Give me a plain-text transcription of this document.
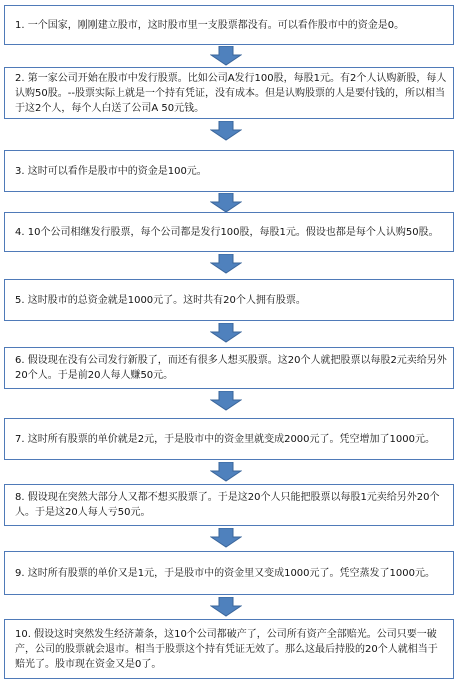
1. 一个国家，刚刚建立股市，这时股市里一支股票都没有。可以看作股市中的资金是0。
2. 第一家公司开始在股市中发行股票。比如公司A发行100股，每股1元。有2个人认购新股，每人认购50股。--股票实际上就是一个持有凭证，没有成本。但是认购股票的人是要付钱的，所以相当于这2个人，每个人白送了公司A 50元钱。
3. 这时可以看作是股市中的资金是100元。
4. 10个公司相继发行股票，每个公司都是发行100股，每股1元。假设也都是每个人认购50股。
5. 这时股市的总资金就是1000元了。这时共有20个人拥有股票。
6. 假设现在没有公司发行新股了，而还有很多人想买股票。这20个人就把股票以每股2元卖给另外20个人。于是前20人每人赚50元。
7. 这时所有股票的单价就是2元，于是股市中的资金里就变成2000元了。凭空增加了1000元。
8. 假设现在突然大部分人又都不想买股票了。于是这20个人只能把股票以每股1元卖给另外20个人。于是这20人每人亏50元。
9. 这时所有股票的单价又是1元，于是股市中的资金里又变成1000元了。凭空蒸发了1000元。
10. 假设这时突然发生经济萧条，这10个公司都破产了，公司所有资产全部赔光。公司只要一破产，公司的股票就会退市。相当于股票这个持有凭证无效了。那么这最后持股的20个人就相当于赔光了。股市现在资金又是0了。
